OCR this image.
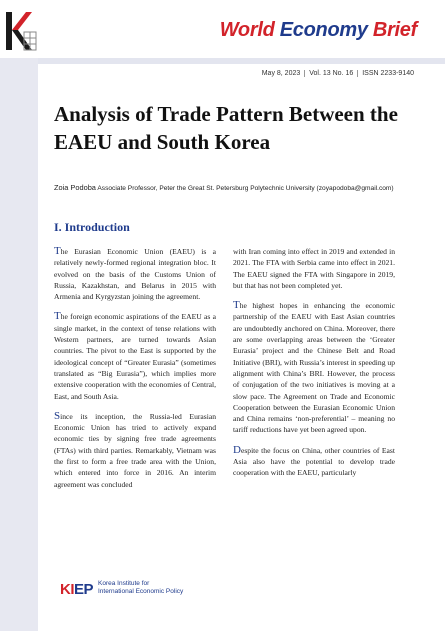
World Economy Brief
May 8, 2023 Vol. 13 No. 16 ISSN 2233-9140
Analysis of Trade Pattern Between the EAEU and South Korea
Zoia Podoba Associate Professor, Peter the Great St. Petersburg Polytechnic University (zoyapodoba@gmail.com)
I. Introduction

The Eurasian Economic Union (EAEU) is a relatively newly-formed regional integration bloc. It evolved on the basis of the Customs Union of Russia, Kazakhstan, and Belarus in 2015 with Armenia and Kyrgyzstan joining the agreement.

The foreign economic aspirations of the EAEU as a single market, in the context of tense relations with Western partners, are turned towards Asian countries. The pivot to the East is supported by the ideological concept of “Greater Eurasia” (sometimes translated as “Big Eurasia”), which implies more extensive cooperation with the economies of Central, East, and South Asia.

Since its inception, the Russia-led Eurasian Economic Union has tried to actively expand economic ties by signing free trade agreements (FTAs) with third parties. Remarkably, Vietnam was the first to form a free trade area with the Union, which entered into force in 2016. An interim agreement was concluded

with Iran coming into effect in 2019 and extended in 2021. The FTA with Serbia came into effect in 2021. The EAEU signed the FTA with Singapore in 2019, but that has not been completed yet.

The highest hopes in enhancing the economic partnership of the EAEU with East Asian countries are undoubtedly anchored on China. Moreover, there are some overlapping areas between the ‘Greater Eurasia’ project and the Chinese Belt and Road Initiative (BRI), with Russia’s interest in speeding up alignment with China’s BRI. However, the process of conjugation of the two initiatives is moving at a slow pace. The Agreement on Trade and Economic Cooperation between the Eurasian Economic Union and China remains ‘non-preferential’ – meaning no tariff reductions have yet been agreed upon.

Despite the focus on China, other countries of East Asia also have the potential to develop trade cooperation with the EAEU, particularly

KIEP Korea Institute for
International Economic Policy
